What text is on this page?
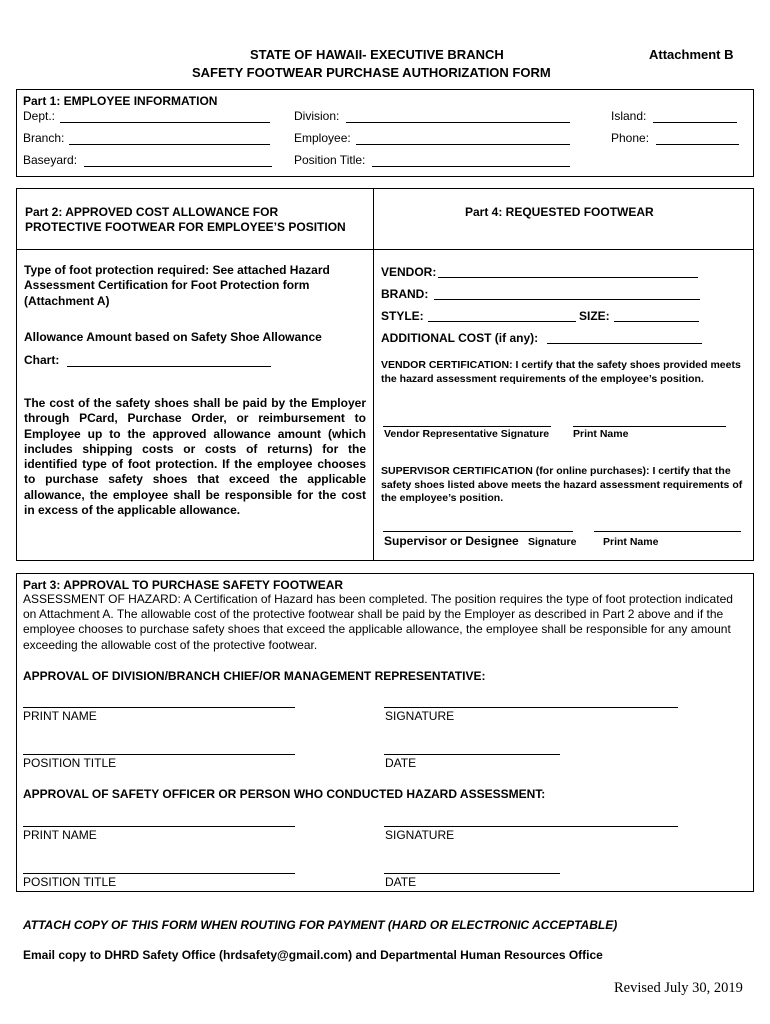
STATE OF HAWAII- EXECUTIVE BRANCH
SAFETY FOOTWEAR PURCHASE AUTHORIZATION FORM
Attachment B
Part 1: EMPLOYEE INFORMATION
Dept.:	Division:	Island:
Branch:	Employee:	Phone:
Baseyard:	Position Title:
Part 2: APPROVED COST ALLOWANCE FOR
PROTECTIVE FOOTWEAR FOR EMPLOYEE’S POSITION
Type of foot protection required: See attached Hazard Assessment Certification for Foot Protection form (Attachment A)
Allowance Amount based on Safety Shoe Allowance
Chart:
The cost of the safety shoes shall be paid by the Employer through PCard, Purchase Order, or reimbursement to Employee up to the approved allowance amount (which includes shipping costs or costs of returns) for the identified type of foot protection. If the employee chooses to purchase safety shoes that exceed the applicable allowance, the employee shall be responsible for the cost in excess of the applicable allowance.
Part 4: REQUESTED FOOTWEAR
VENDOR:
BRAND:
STYLE:	SIZE:
ADDITIONAL COST (if any):
VENDOR CERTIFICATION: I certify that the safety shoes provided meets the hazard assessment requirements of the employee’s position.
Vendor Representative Signature Print Name
SUPERVISOR CERTIFICATION (for online purchases): I certify that the safety shoes listed above meets the hazard assessment requirements of the employee’s position.
Supervisor or Designee Signature	Print Name
Part 3: APPROVAL TO PURCHASE SAFETY FOOTWEAR
ASSESSMENT OF HAZARD: A Certification of Hazard has been completed. The position requires the type of foot protection indicated on Attachment A. The allowable cost of the protective footwear shall be paid by the Employer as described in Part 2 above and if the employee chooses to purchase safety shoes that exceed the applicable allowance, the employee shall be responsible for any amount exceeding the allowable cost of the protective footwear.
APPROVAL OF DIVISION/BRANCH CHIEF/OR MANAGEMENT REPRESENTATIVE:
PRINT NAME	SIGNATURE
POSITION TITLE	DATE
APPROVAL OF SAFETY OFFICER OR PERSON WHO CONDUCTED HAZARD ASSESSMENT:
PRINT NAME	SIGNATURE
POSITION TITLE	DATE
ATTACH COPY OF THIS FORM WHEN ROUTING FOR PAYMENT (HARD OR ELECTRONIC ACCEPTABLE)
Email copy to DHRD Safety Office (hrdsafety@gmail.com) and Departmental Human Resources Office
Revised July 30, 2019
